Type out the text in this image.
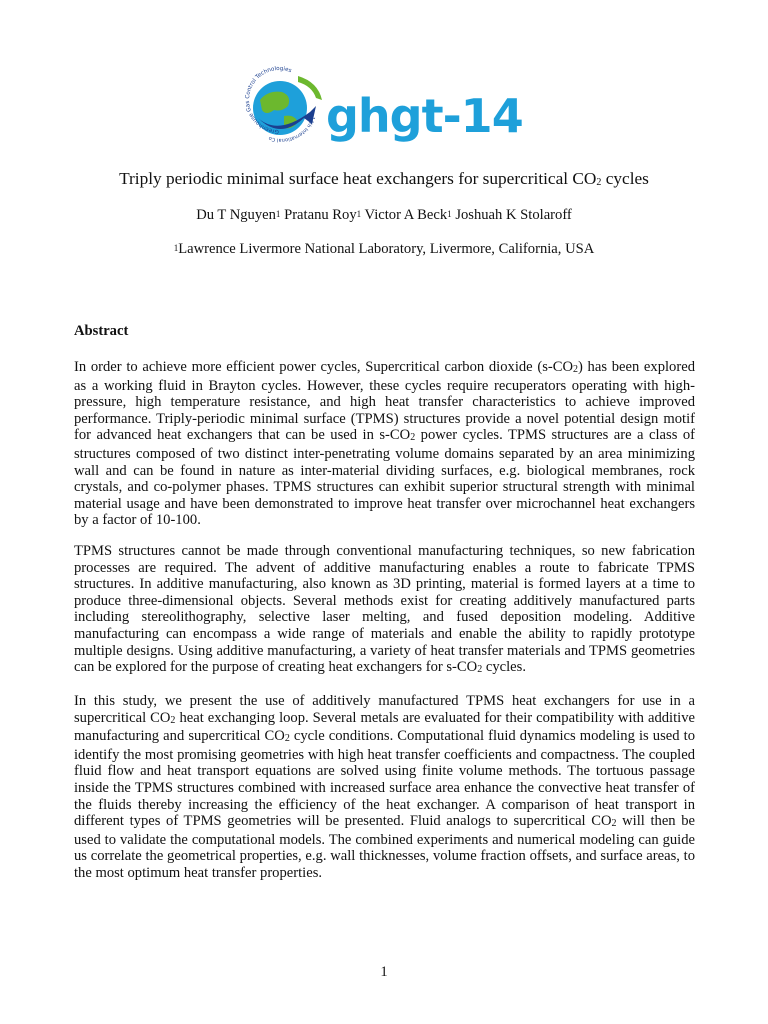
Greenhouse Gas Control Technologies
14th International Co	ghgt-14
Triply periodic minimal surface heat exchangers for supercritical $CO_2$ cycles
Du T Nguyen$^1$ Pratanu Roy$^1$ Victor A Beck$^1$ Joshuah K Stolaroff
$^1$Lawrence Livermore National Laboratory, Livermore, California, USA
Abstract

In order to achieve more efficient power cycles, Supercritical carbon dioxide $(s-CO_2)$ has been explored as a working fluid in Brayton cycles. However, these cycles require recuperators operating with high-pressure, high temperature resistance, and high heat transfer characteristics to achieve improved performance. Triply-periodic minimal surface (TPMS) structures provide a novel potential design motif for advanced heat exchangers that can be used in $s-CO_2$ power cycles. TPMS structures are a class of structures composed of two distinct inter-penetrating volume domains separated by an area minimizing wall and can be found in nature as inter-material dividing surfaces, e.g. biological membranes, rock crystals, and co-polymer phases. TPMS structures can exhibit superior structural strength with minimal material usage and have been demonstrated to improve heat transfer over microchannel heat exchangers by a factor of 10-100.

TPMS structures cannot be made through conventional manufacturing techniques, so new fabrication processes are required. The advent of additive manufacturing enables a route to fabricate TPMS structures. In additive manufacturing, also known as 3D printing, material is formed layers at a time to produce three-dimensional objects. Several methods exist for creating additively manufactured parts including stereolithography, selective laser melting, and fused deposition modeling. Additive manufacturing can encompass a wide range of materials and enable the ability to rapidly prototype multiple designs. Using additive manufacturing, a variety of heat transfer materials and TPMS geometries can be explored for the purpose of creating heat exchangers for $s-CO_2$ cycles.

In this study, we present the use of additively manufactured TPMS heat exchangers for use in a supercritical $CO_2$ heat exchanging loop. Several metals are evaluated for their compatibility with additive manufacturing and supercritical $CO_2$ cycle conditions. Computational fluid dynamics modeling is used to identify the most promising geometries with high heat transfer coefficients and compactness. The coupled fluid flow and heat transport equations are solved using finite volume methods. The tortuous passage inside the TPMS structures combined with increased surface area enhance the convective heat transfer of the fluids thereby increasing the efficiency of the heat exchanger. A comparison of heat transport in different types of TPMS geometries will be presented. Fluid analogs to supercritical $CO_2$ will then be used to validate the computational models. The combined experiments and numerical modeling can guide us correlate the geometrical properties, e.g. wall thicknesses, volume fraction offsets, and surface areas, to the most optimum heat transfer properties.

1
